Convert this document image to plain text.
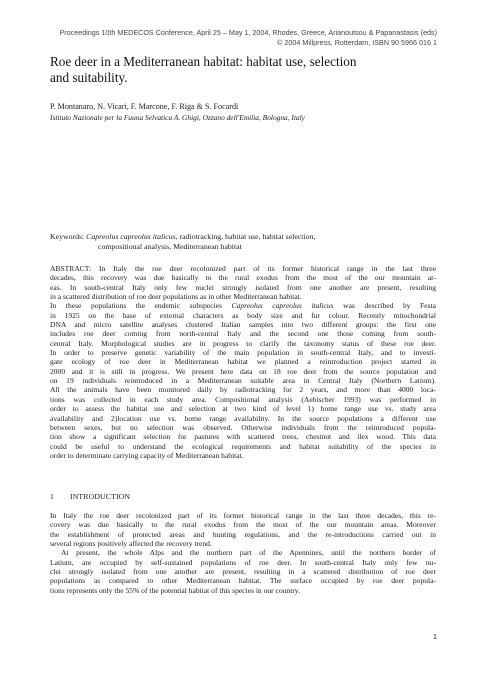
Proceedings 10th MEDECOS Conference, April 25 – May 1, 2004, Rhodes, Greece, Arianoutsou & Papanastasis (eds)
© 2004 Millpress, Rotterdam, ISBN 90 5966 016 1
Roe deer in a Mediterranean habitat: habitat use, selection
and suitability.
P. Montanaro, N. Vicari, F. Marcone, F. Riga & S. Focardi
Istituto Nazionale per la Fauna Selvatica A. Ghigi, Ozzano dell'Emilia, Bologna, Italy
Keywords: Capreolus capreolus italicus, radiotracking, habitat use, habitat selection,
compositional analysis, Mediterranean habitat
ABSTRACT: In Italy the roe deer recolonized part of its former historical range in the last three
decades, this recovery was due basically to the rural exodus from the most of the our mountain ar-
eas. In south-central Italy only few nuclei strongly isolated from one another are present, resulting
in a scattered distribution of roe deer populations as in other Mediterranean habitat.
In these populations the endemic subspecies Capreolus capreolus italicus was described by Festa
in 1925 on the base of external characters as body size and fur colour. Recently mitochondrial
DNA and micro satellite analyses clustered Italian samples into two different groups: the first one
includes roe deer coming from north-central Italy and the second one those coming from south-
central Italy. Morphological studies are in progress to clarify the taxonomy status of these roe deer.
In order to preserve genetic variability of the main population in south-central Italy, and to investi-
gate ecology of roe deer in Mediterranean habitat we planned a reintroduction project started in
2000 and it is still in progress. We present here data on 18 roe deer from the source population and
on 19 individuals reintroduced in a Mediterranean suitable area in Central Italy (Northern Latium).
All the animals have been monitored daily by radiotracking for 2 years, and more than 4000 loca-
tions was collected in each study area. Compositional analysis (Aebischer 1993) was performed in
order to assess the habitat use and selection at two kind of level 1) home range use vs. study area
availability and 2)location use vs. home range availability. In the source populations a different use
between sexes, but no selection was observed. Otherwise individuals from the reintroduced popula-
tion show a significant selection for pastures with scattered trees, chestnut and ilex wood. This data
could be useful to understand the ecological requirements and habitat suitability of the species in
order to determinate carrying capacity of Mediterranean habitat.
1 INTRODUCTION
In Italy the roe deer recolonized part of its former historical range in the last three decades, this re-
covery was due basically to the rural exodus from the most of the our mountain areas. Moreover
the establishment of protected areas and hunting regulations, and the re-introductions carried out in
several regions positively affected the recovery trend.
At present, the whole Alps and the northern part of the Apennines, until the northern border of
Latium, are occupied by self-sustained populations of roe deer. In south-central Italy only few nu-
clei strongly isolated from one another are present, resulting in a scattered distribution of roe deer
populations as compared to other Mediterranean habitat. The surface occupied by roe deer popula-
tions represents only the 55% of the potential habitat of this species in our country.
1
